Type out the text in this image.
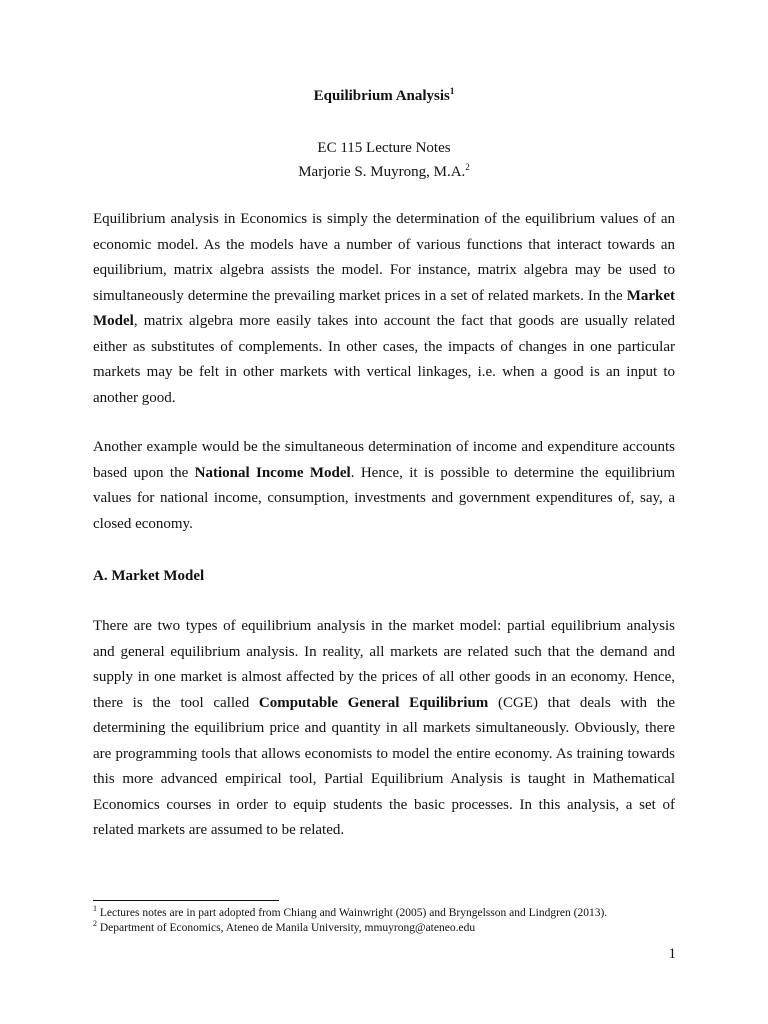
Equilibrium Analysis$^1$
EC 115 Lecture Notes
Marjorie S. Muyrong, M.A.$^2$
Equilibrium analysis in Economics is simply the determination of the equilibrium values of an economic model. As the models have a number of various functions that interact towards an equilibrium, matrix algebra assists the model. For instance, matrix algebra may be used to simultaneously determine the prevailing market prices in a set of related markets. In the Market Model, matrix algebra more easily takes into account the fact that goods are usually related either as substitutes of complements. In other cases, the impacts of changes in one particular markets may be felt in other markets with vertical linkages, i.e. when a good is an input to another good.
Another example would be the simultaneous determination of income and expenditure accounts based upon the National Income Model. Hence, it is possible to determine the equilibrium values for national income, consumption, investments and government expenditures of, say, a closed economy.
A. Market Model
There are two types of equilibrium analysis in the market model: partial equilibrium analysis and general equilibrium analysis. In reality, all markets are related such that the demand and supply in one market is almost affected by the prices of all other goods in an economy. Hence, there is the tool called Computable General Equilibrium (CGE) that deals with the determining the equilibrium price and quantity in all markets simultaneously. Obviously, there are programming tools that allows economists to model the entire economy. As training towards this more advanced empirical tool, Partial Equilibrium Analysis is taught in Mathematical Economics courses in order to equip students the basic processes. In this analysis, a set of related markets are assumed to be related.
$^1$ Lectures notes are in part adopted from Chiang and Wainwright (2005) and Bryngelsson and Lindgren (2013).
$^2$ Department of Economics, Ateneo de Manila University, mmuyrong@ateneo.edu
1
